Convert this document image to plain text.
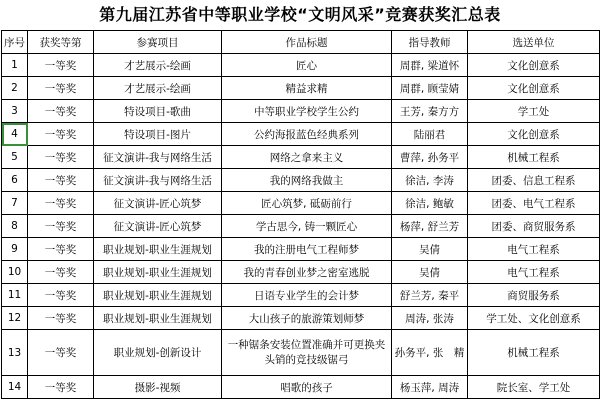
第九届江苏省中等职业学校“文明风采”竞赛获奖汇总表
序号	获奖等第	参赛项目	作品标题	指导教师	选送单位
1	一等奖	才艺展示-绘画	匠心	周群, 梁道怀	文化创意系
2	一等奖	才艺展示-绘画	精益求精	周群, 顾莹婧	文化创意系
3	一等奖	特设项目-歌曲	中等职业学校学生公约	王芳, 秦方方	学工处
4	一等奖	特设项目-图片	公约海报蓝色经典系列	陆丽君	文化创意系
5	一等奖	征文演讲-我与网络生活	网络之拿来主义	曹萍, 孙务平	机械工程系
6	一等奖	征文演讲-我与网络生活	我的网络我做主	徐洁, 李涛	团委、信息工程系
7	一等奖	征文演讲-匠心筑梦	匠心筑梦, 砥砺前行	徐洁, 鲍敏	团委、电气工程系
8	一等奖	征文演讲-匠心筑梦	学古思今, 铸一颗匠心	杨萍, 舒兰芳	团委、商贸服务系
9	一等奖	职业规划-职业生涯规划	我的注册电气工程师梦	吴倩	电气工程系
10	一等奖	职业规划-职业生涯规划	我的青春创业梦之密室逃脱	吴倩	电气工程系
11	一等奖	职业规划-职业生涯规划	日语专业学生的会计梦	舒兰芳, 秦平	商贸服务系
12	一等奖	职业规划-职业生涯规划	大山孩子的旅游策划师梦	周涛, 张涛	学工处、文化创意系
13	一等奖	职业规划-创新设计	一种锯条安装位置准确并可更换夹头销的竞技级锯弓	孙务平, 张　精	机械工程系
14	一等奖	摄影-视频	唱歌的孩子	杨玉萍, 周涛	院长室、学工处
